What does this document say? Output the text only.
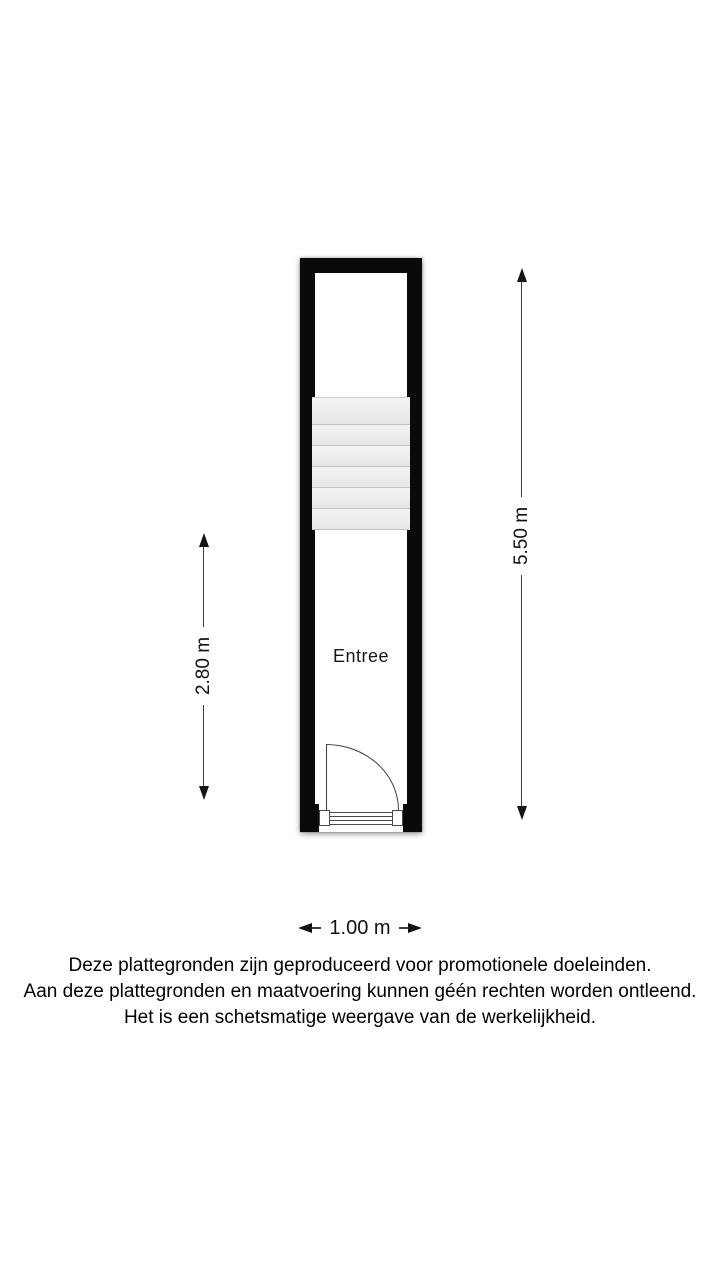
Entree
2.80 m
5.50 m
1.00 m
Deze plattegronden zijn geproduceerd voor promotionele doeleinden.
Aan deze plattegronden en maatvoering kunnen géén rechten worden ontleend.
Het is een schetsmatige weergave van de werkelijkheid.
